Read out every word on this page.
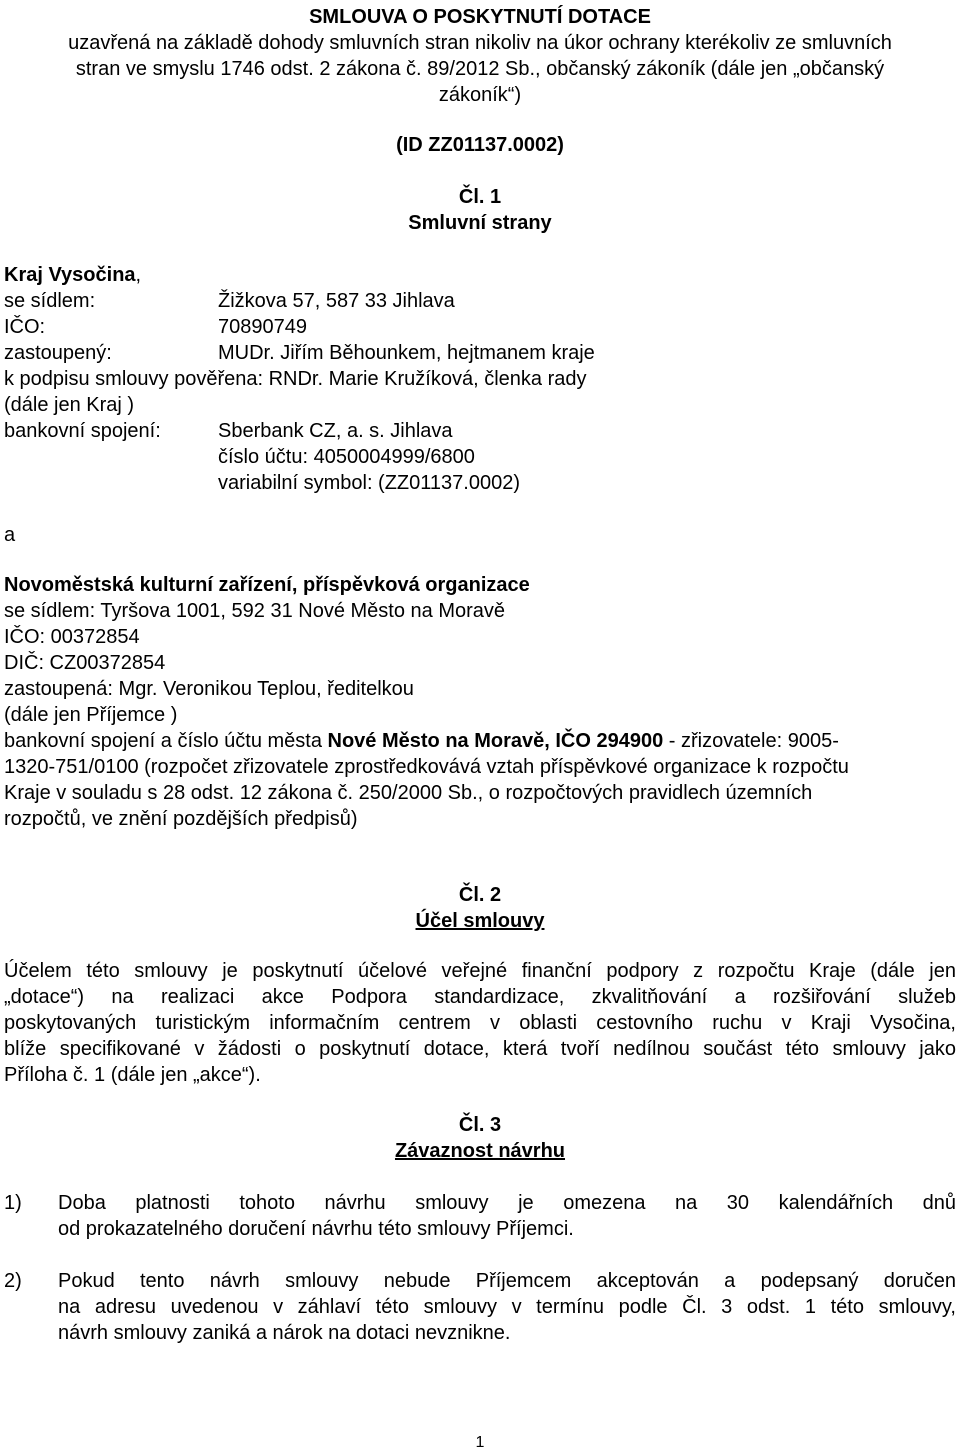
SMLOUVA O POSKYTNUTÍ DOTACE
uzavřená na základě dohody smluvních stran nikoliv na úkor ochrany kterékoliv ze smluvních
stran ve smyslu 1746 odst. 2 zákona č. 89/2012 Sb., občanský zákoník (dále jen „občanský
zákoník“)
(ID ZZ01137.0002)
Čl. 1
Smluvní strany
Kraj Vysočina,
se sídlem:	Žižkova 57, 587 33 Jihlava
IČO:	70890749
zastoupený:	MUDr. Jiřím Běhounkem, hejtmanem kraje
k podpisu smlouvy pověřena: RNDr. Marie Kružíková, členka rady
(dále jen Kraj )
bankovní spojení:	Sberbank CZ, a. s. Jihlava
číslo účtu: 4050004999/6800
variabilní symbol: (ZZ01137.0002)
a
Novoměstská kulturní zařízení, příspěvková organizace
se sídlem: Tyršova 1001, 592 31 Nové Město na Moravě
IČO: 00372854
DIČ: CZ00372854
zastoupená: Mgr. Veronikou Teplou, ředitelkou
(dále jen Příjemce )
bankovní spojení a číslo účtu města Nové Město na Moravě, IČO 294900 - zřizovatele: 9005-
1320-751/0100 (rozpočet zřizovatele zprostředkovává vztah příspěvkové organizace k rozpočtu
Kraje v souladu s 28 odst. 12 zákona č. 250/2000 Sb., o rozpočtových pravidlech územních
rozpočtů, ve znění pozdějších předpisů)
Čl. 2
Účel smlouvy
Účelem této smlouvy je poskytnutí účelové veřejné finanční podpory z rozpočtu Kraje (dále jen
„dotace“) na realizaci akce Podpora standardizace, zkvalitňování a rozšiřování služeb
poskytovaných turistickým informačním centrem v oblasti cestovního ruchu v Kraji Vysočina,
blíže specifikované v žádosti o poskytnutí dotace, která tvoří nedílnou součást této smlouvy jako
Příloha č. 1 (dále jen „akce“).
Čl. 3
Závaznost návrhu
1) Doba platnosti tohoto návrhu smlouvy je omezena na 30 kalendářních dnů
od prokazatelného doručení návrhu této smlouvy Příjemci.
2) Pokud tento návrh smlouvy nebude Příjemcem akceptován a podepsaný doručen
na adresu uvedenou v záhlaví této smlouvy v termínu podle Čl. 3 odst. 1 této smlouvy,
návrh smlouvy zaniká a nárok na dotaci nevznikne.
1
